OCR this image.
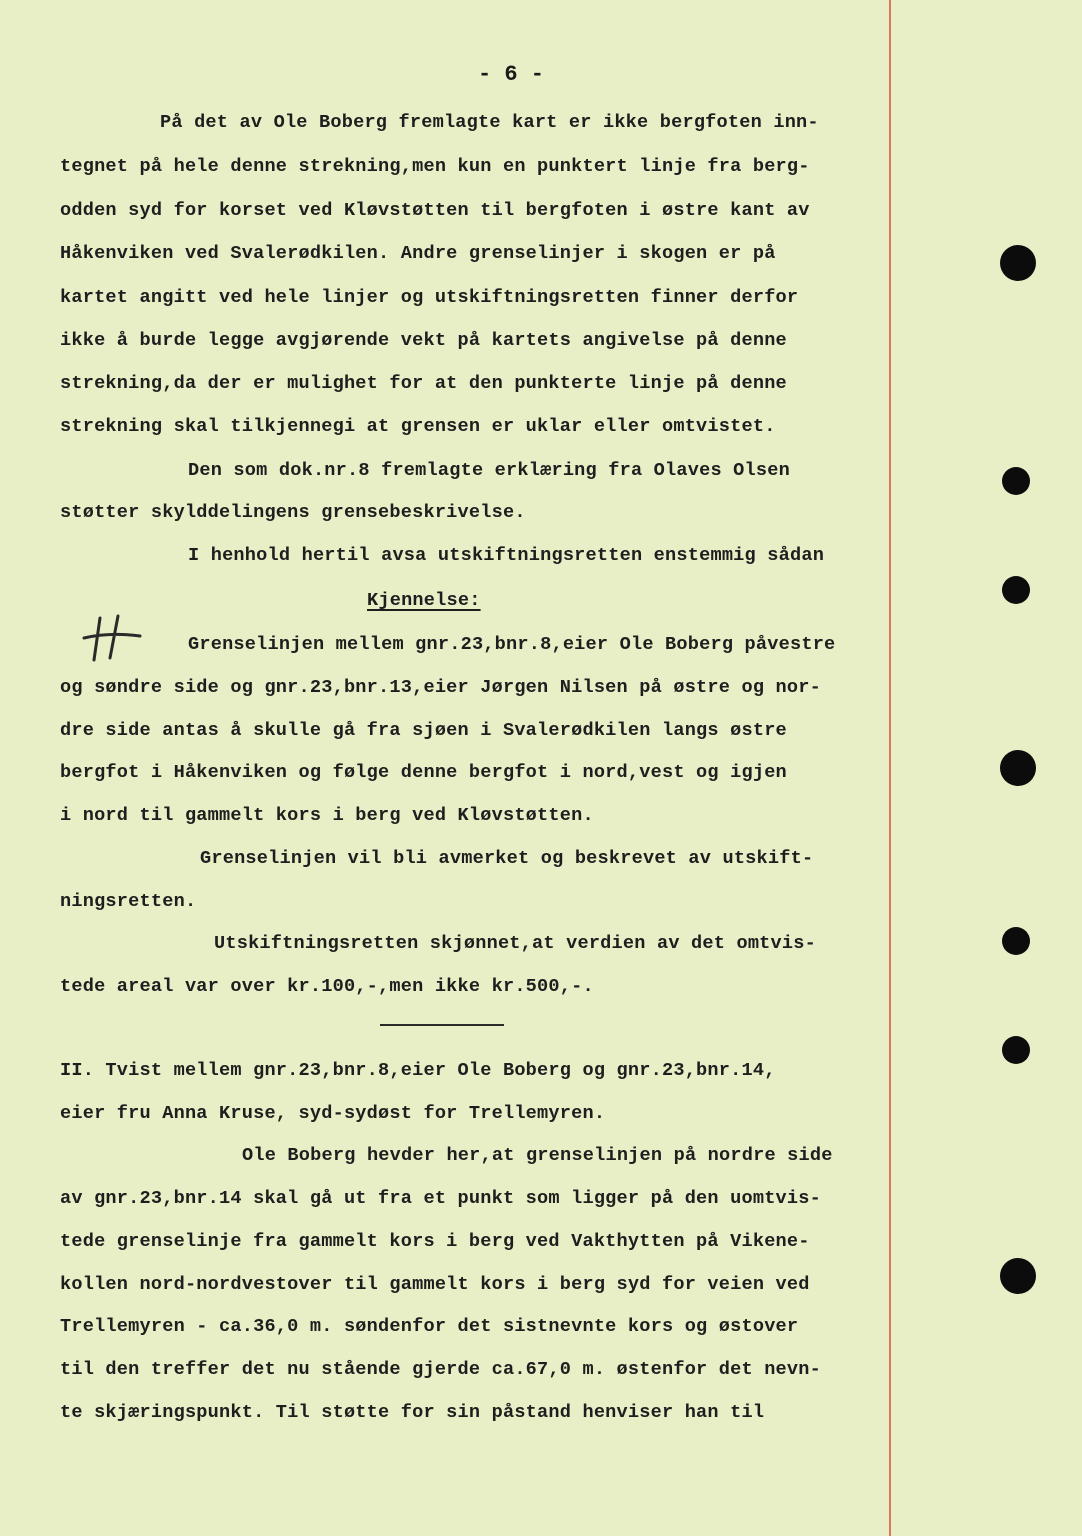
- 6 -
På det av Ole Boberg fremlagte kart er ikke bergfoten inn-
tegnet på hele denne strekning,men kun en punktert linje fra berg-
odden syd for korset ved Kløvstøtten til bergfoten i østre kant av
Håkenviken ved Svalerødkilen. Andre grenselinjer i skogen er på
kartet angitt ved hele linjer og utskiftningsretten finner derfor
ikke å burde legge avgjørende vekt på kartets angivelse på denne
strekning,da der er mulighet for at den punkterte linje på denne
strekning skal tilkjennegi at grensen er uklar eller omtvistet.
Den som dok.nr.8 fremlagte erklæring fra Olaves Olsen
støtter skylddelingens grensebeskrivelse.
I henhold hertil avsa utskiftningsretten enstemmig sådan
Kjennelse:
Grenselinjen mellem gnr.23,bnr.8,eier Ole Boberg påvestre
og søndre side og gnr.23,bnr.13,eier Jørgen Nilsen på østre og nor-
dre side antas å skulle gå fra sjøen i Svalerødkilen langs østre
bergfot i Håkenviken og følge denne bergfot i nord,vest og igjen
i nord til gammelt kors i berg ved Kløvstøtten.
Grenselinjen vil bli avmerket og beskrevet av utskift-
ningsretten.
Utskiftningsretten skjønnet,at verdien av det omtvis-
tede areal var over kr.100,-,men ikke kr.500,-.
II. Tvist mellem gnr.23,bnr.8,eier Ole Boberg og gnr.23,bnr.14,
eier fru Anna Kruse, syd-sydøst for Trellemyren.
Ole Boberg hevder her,at grenselinjen på nordre side
av gnr.23,bnr.14 skal gå ut fra et punkt som ligger på den uomtvis-
tede grenselinje fra gammelt kors i berg ved Vakthytten på Vikene-
kollen nord-nordvestover til gammelt kors i berg syd for veien ved
Trellemyren - ca.36,0 m. søndenfor det sistnevnte kors og østover
til den treffer det nu stående gjerde ca.67,0 m. østenfor det nevn-
te skjæringspunkt. Til støtte for sin påstand henviser han til
